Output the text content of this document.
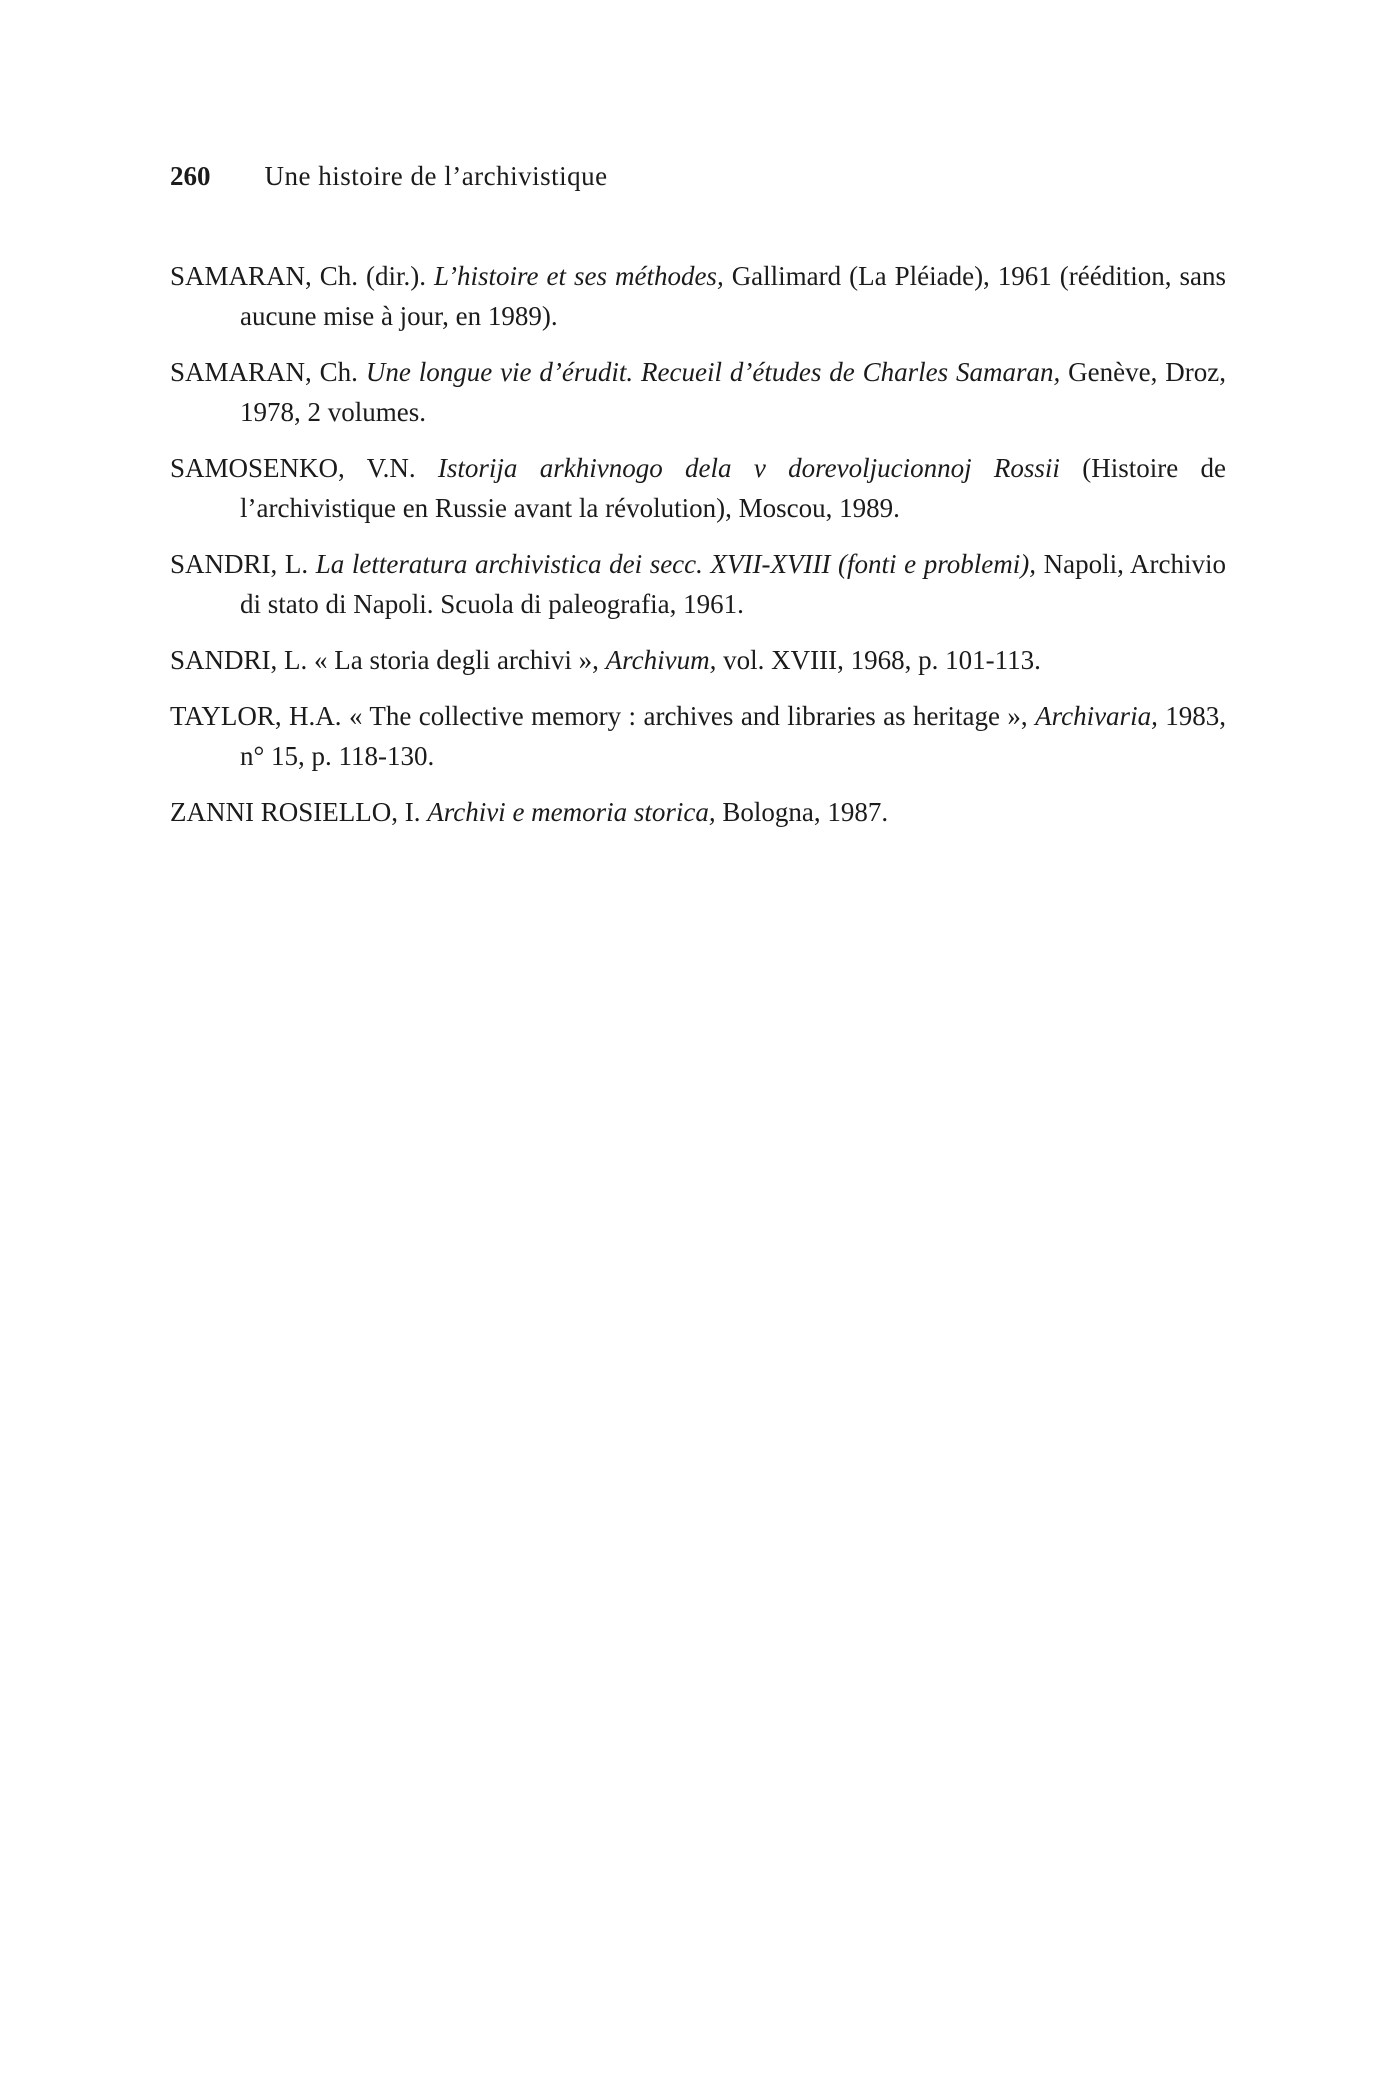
260 Une histoire de l’archivistique

SAMARAN, Ch. (dir.). L’histoire et ses méthodes, Gallimard (La Pléiade), 1961 (réédition, sans aucune mise à jour, en 1989).

SAMARAN, Ch. Une longue vie d’érudit. Recueil d’études de Charles Samaran, Genève, Droz, 1978, 2 volumes.

SAMOSENKO, V.N. Istorija arkhivnogo dela v dorevoljucionnoj Rossii (Histoire de l’archivistique en Russie avant la révolution), Moscou, 1989.

SANDRI, L. La letteratura archivistica dei secc. XVII-XVIII (fonti e problemi), Napoli, Archivio di stato di Napoli. Scuola di paleografia, 1961.

SANDRI, L. « La storia degli archivi », Archivum, vol. XVIII, 1968, p. 101-113.

TAYLOR, H.A. « The collective memory : archives and libraries as heritage », Archivaria, 1983, n° 15, p. 118-130.

ZANNI ROSIELLO, I. Archivi e memoria storica, Bologna, 1987.
